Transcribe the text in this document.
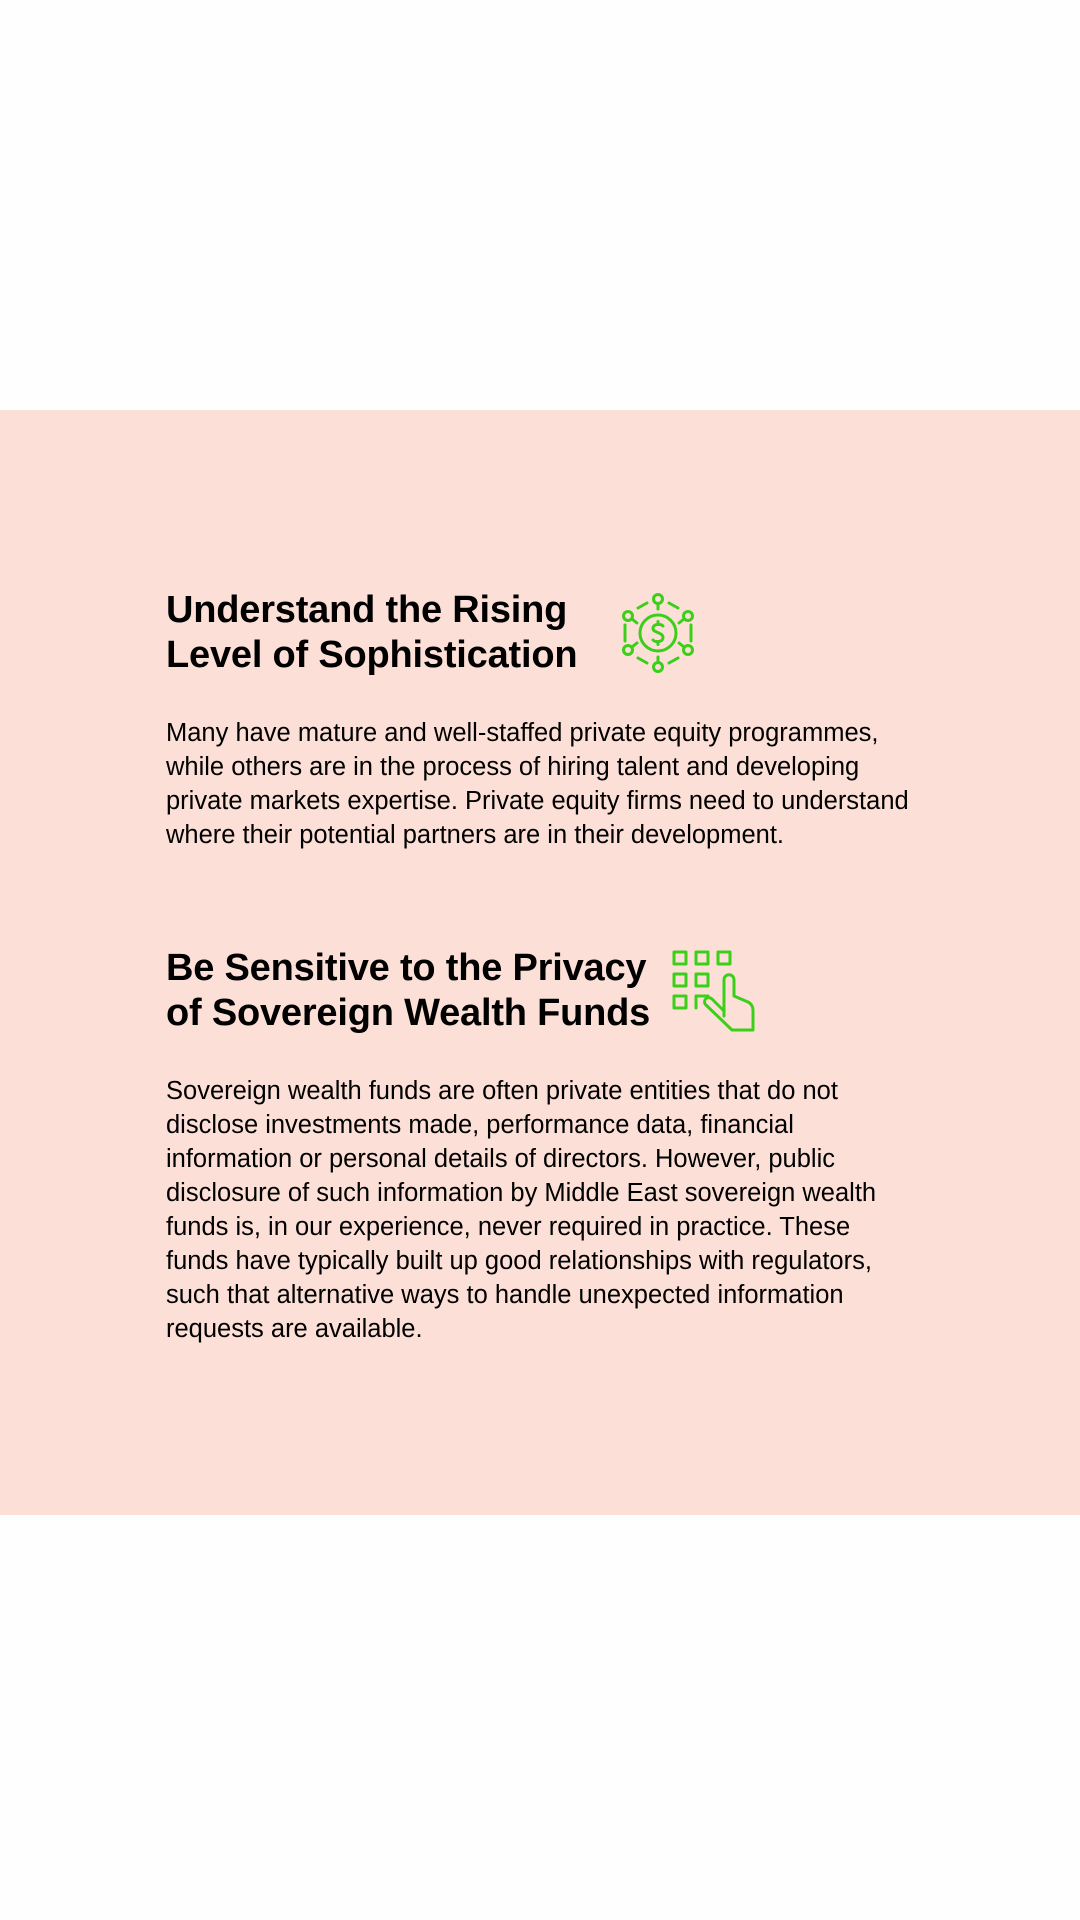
Understand the Rising
Level of Sophistication

Many have mature and well-staffed private equity programmes, while others are in the process of hiring talent and developing private markets expertise. Private equity firms need to understand where their potential partners are in their development.

Be Sensitive to the Privacy
of Sovereign Wealth Funds

Sovereign wealth funds are often private entities that do not disclose investments made, performance data, financial information or personal details of directors. However, public disclosure of such information by Middle East sovereign wealth funds is, in our experience, never required in practice. These funds have typically built up good relationships with regulators, such that alternative ways to handle unexpected information requests are available.
